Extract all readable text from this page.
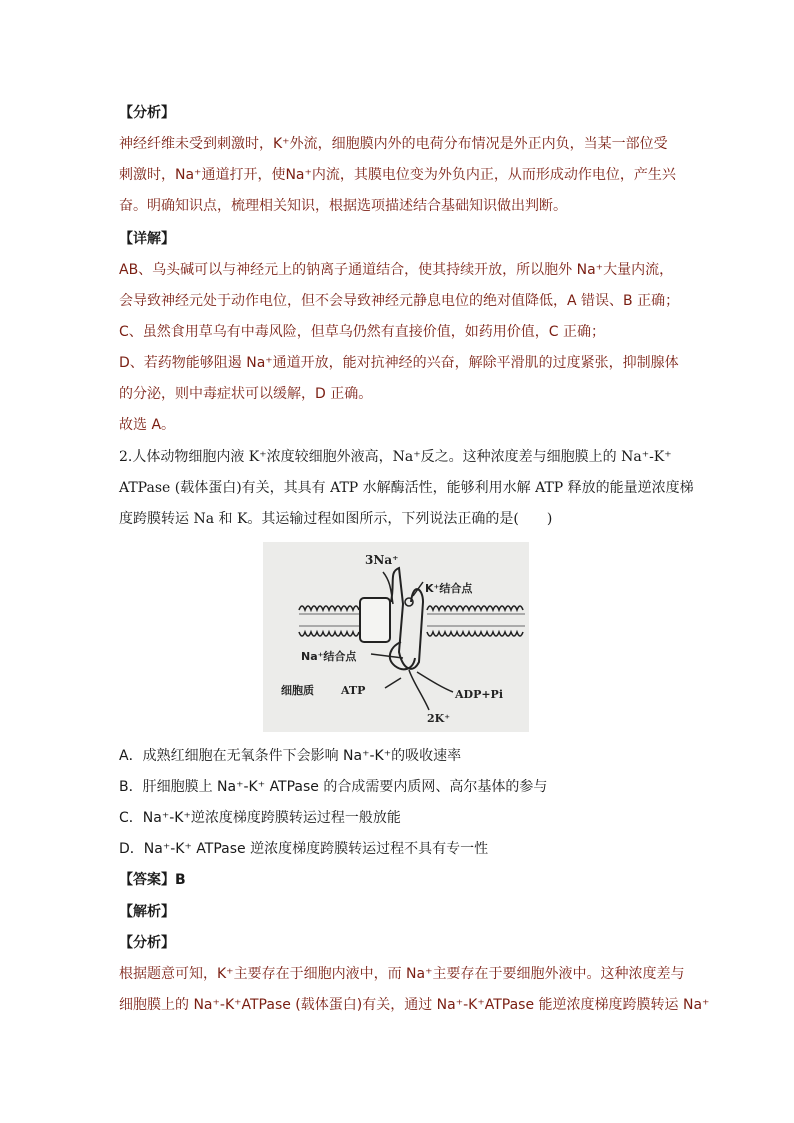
【分析】
神经纤维未受到刺激时，K⁺外流，细胞膜内外的电荷分布情况是外正内负，当某一部位受
刺激时，Na⁺通道打开，使Na⁺内流，其膜电位变为外负内正，从而形成动作电位，产生兴
奋。明确知识点，梳理相关知识，根据选项描述结合基础知识做出判断。
【详解】
AB、乌头碱可以与神经元上的钠离子通道结合，使其持续开放，所以胞外 Na⁺大量内流，
会导致神经元处于动作电位，但不会导致神经元静息电位的绝对值降低，A 错误、B 正确；
C、虽然食用草乌有中毒风险，但草乌仍然有直接价值，如药用价值，C 正确；
D、若药物能够阻遏 Na⁺通道开放，能对抗神经的兴奋，解除平滑肌的过度紧张，抑制腺体
的分泌，则中毒症状可以缓解，D 正确。
故选 A。
2.人体动物细胞内液 K⁺浓度较细胞外液高，Na⁺反之。这种浓度差与细胞膜上的 Na⁺-K⁺
ATPase (载体蛋白)有关，其具有 ATP 水解酶活性，能够利用水解 ATP 释放的能量逆浓度梯
度跨膜转运 Na 和 K。其运输过程如图所示，下列说法正确的是(　　)
3Na⁺
K⁺结合点
Na⁺结合点
细胞质 ATP	ADP+Pi
2K⁺
A．成熟红细胞在无氧条件下会影响 Na⁺-K⁺的吸收速率
B．肝细胞膜上 Na⁺-K⁺ ATPase 的合成需要内质网、高尔基体的参与
C．Na⁺-K⁺逆浓度梯度跨膜转运过程一般放能
D．Na⁺-K⁺ ATPase 逆浓度梯度跨膜转运过程不具有专一性
【答案】B
【解析】
【分析】
根据题意可知，K⁺主要存在于细胞内液中，而 Na⁺主要存在于要细胞外液中。这种浓度差与
细胞膜上的 Na⁺-K⁺ATPase (载体蛋白)有关，通过 Na⁺-K⁺ATPase 能逆浓度梯度跨膜转运 Na⁺
